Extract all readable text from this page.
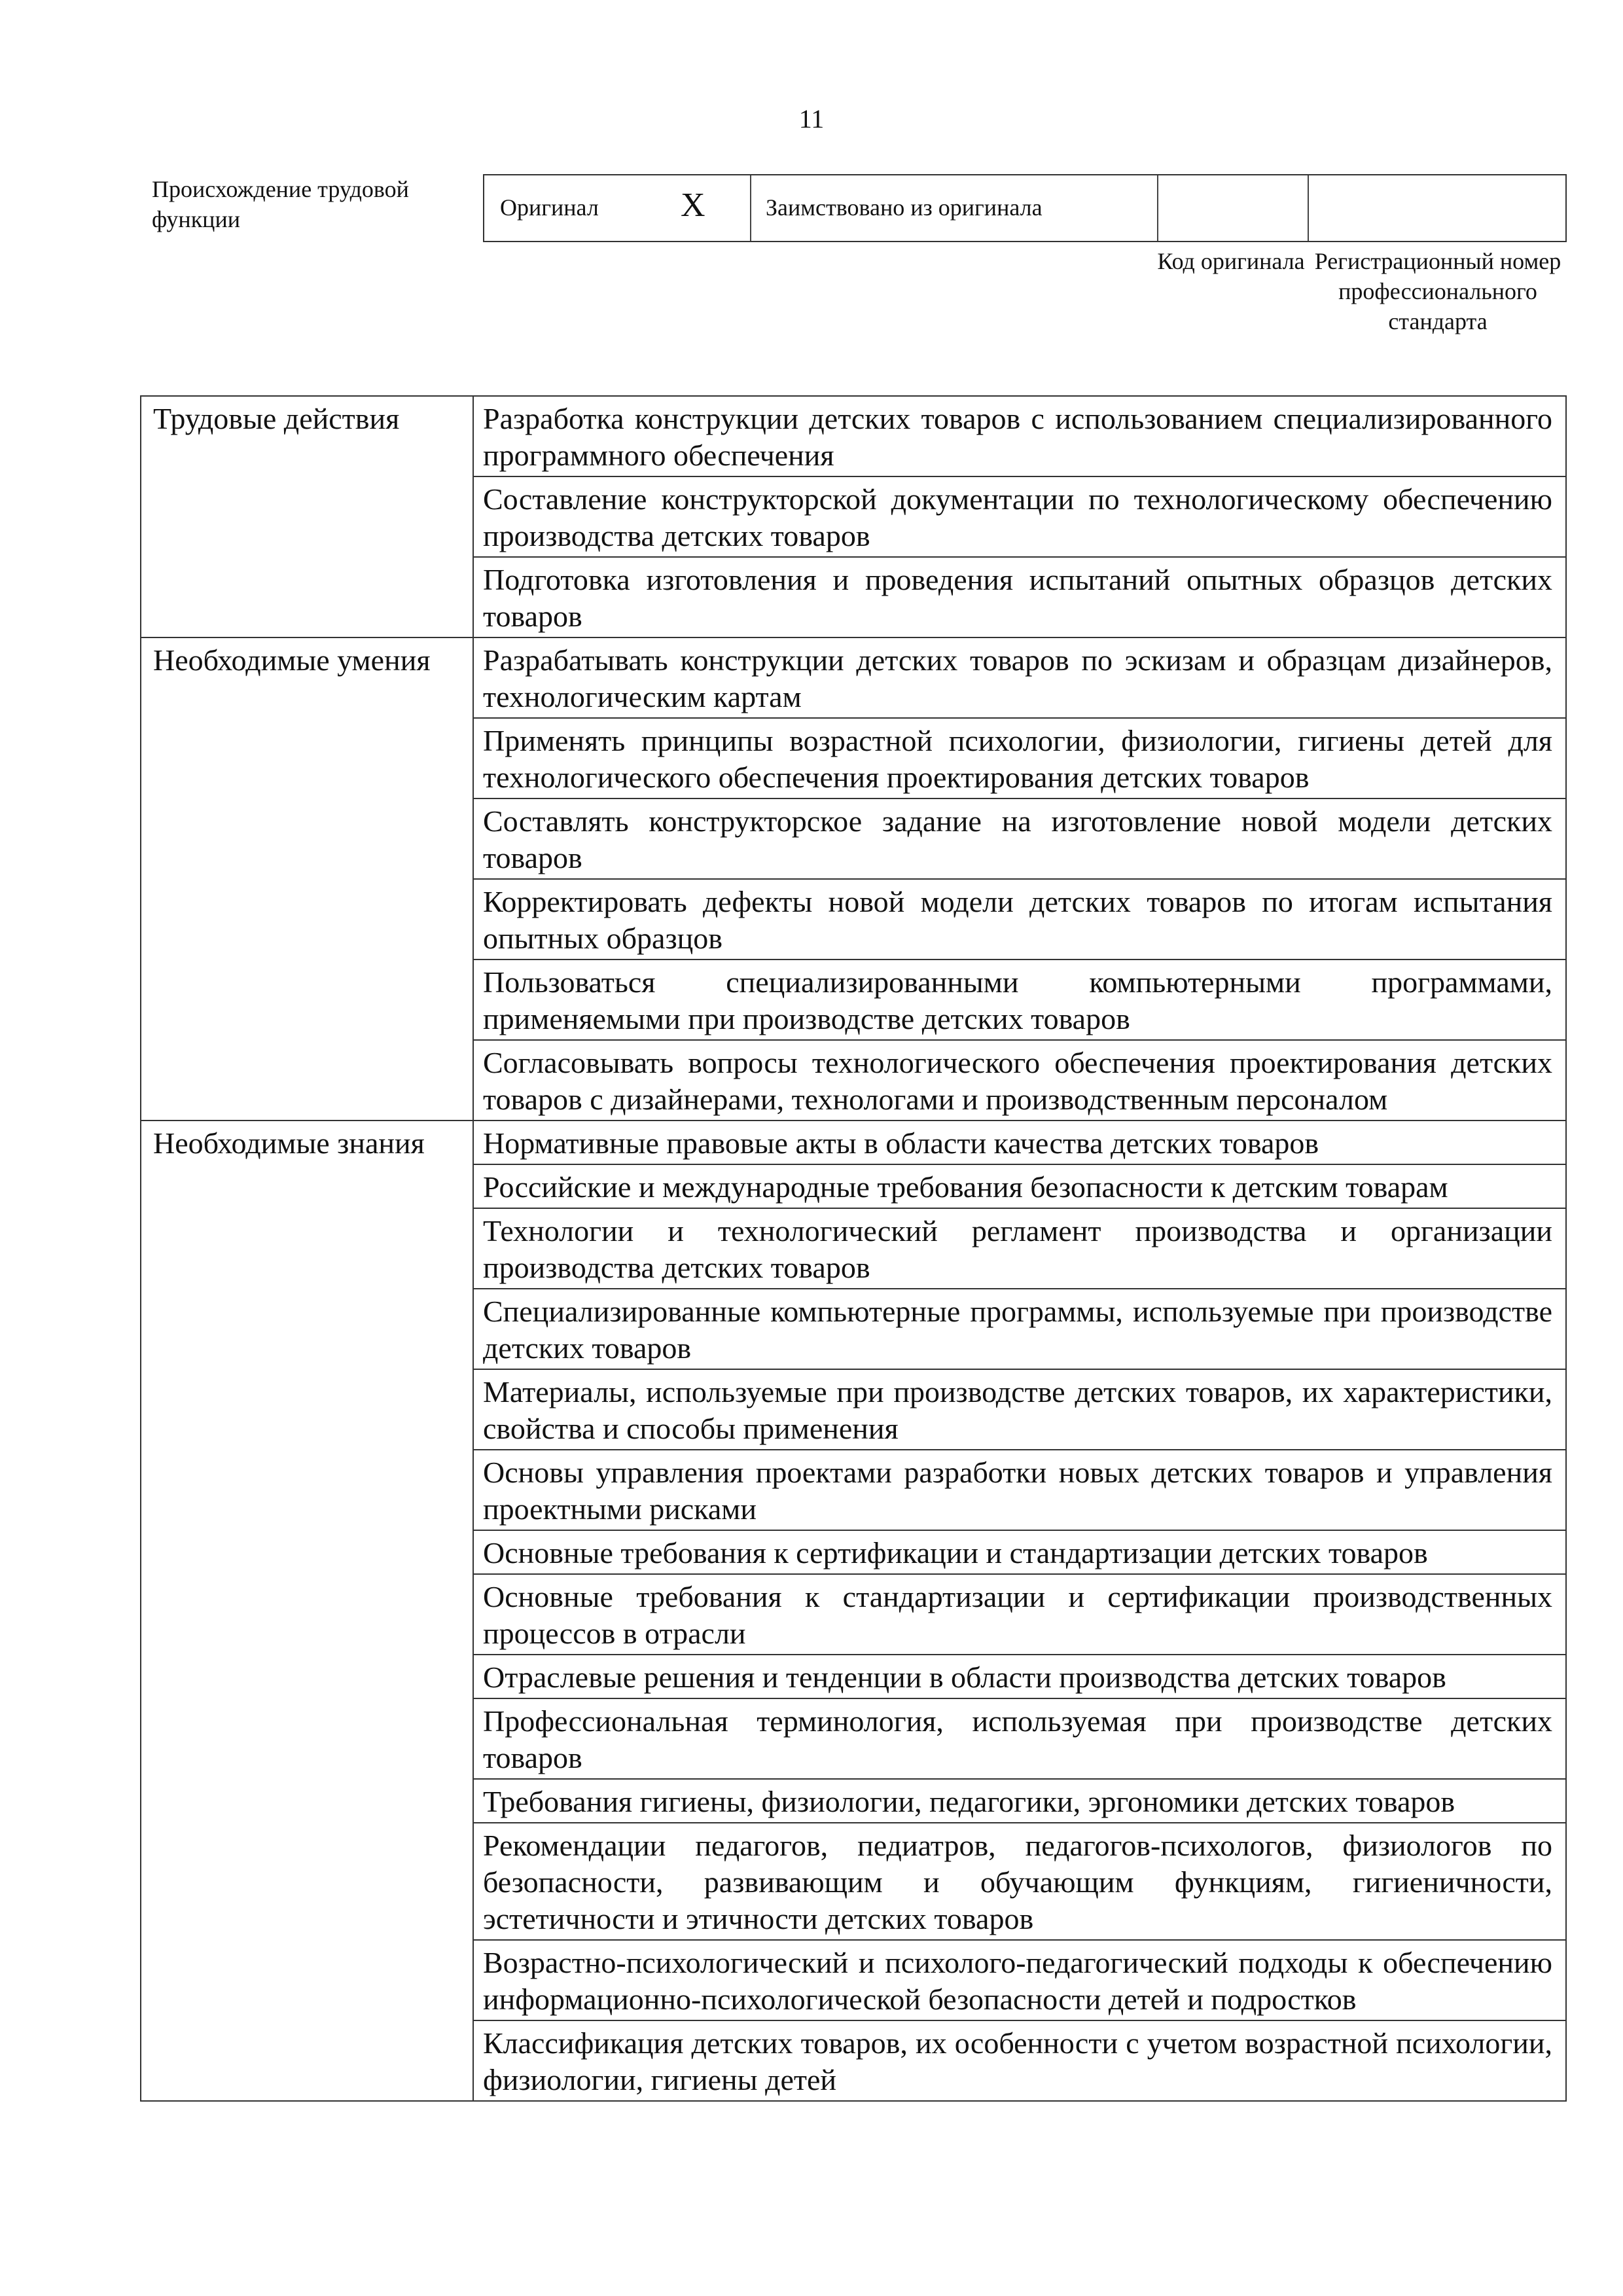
11
Происхождение трудовой функции	Оригинал X	Заимствовано из оригинала
Код оригинала Регистрационный номер профессионального стандарта
Трудовые действия	Разработка конструкции детских товаров с использованием специализированного программного обеспечения
	Составление конструкторской документации по технологическому обеспечению производства детских товаров
	Подготовка изготовления и проведения испытаний опытных образцов детских товаров
Необходимые умения	Разрабатывать конструкции детских товаров по эскизам и образцам дизайнеров, технологическим картам
	Применять принципы возрастной психологии, физиологии, гигиены детей для технологического обеспечения проектирования детских товаров
	Составлять конструкторское задание на изготовление новой модели детских товаров
	Корректировать дефекты новой модели детских товаров по итогам испытания опытных образцов
	Пользоваться специализированными компьютерными программами, применяемыми при производстве детских товаров
	Согласовывать вопросы технологического обеспечения проектирования детских товаров с дизайнерами, технологами и производственным персоналом
Необходимые знания	Нормативные правовые акты в области качества детских товаров
	Российские и международные требования безопасности к детским товарам
	Технологии и технологический регламент производства и организации производства детских товаров
	Специализированные компьютерные программы, используемые при производстве детских товаров
	Материалы, используемые при производстве детских товаров, их характеристики, свойства и способы применения
	Основы управления проектами разработки новых детских товаров и управления проектными рисками
	Основные требования к сертификации и стандартизации детских товаров
	Основные требования к стандартизации и сертификации производственных процессов в отрасли
	Отраслевые решения и тенденции в области производства детских товаров
	Профессиональная терминология, используемая при производстве детских товаров
	Требования гигиены, физиологии, педагогики, эргономики детских товаров
	Рекомендации педагогов, педиатров, педагогов-психологов, физиологов по безопасности, развивающим и обучающим функциям, гигиеничности, эстетичности и этичности детских товаров
	Возрастно-психологический и психолого-педагогический подходы к обеспечению информационно-психологической безопасности детей и подростков
	Классификация детских товаров, их особенности с учетом возрастной психологии, физиологии, гигиены детей
